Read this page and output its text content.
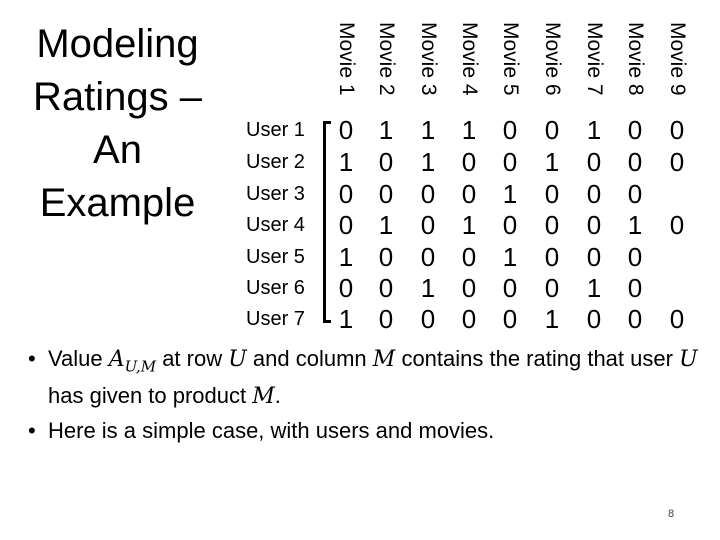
Modeling
Ratings –
An
Example
Movie 1 Movie 2 Movie 3 Movie 4 Movie 5 Movie 6 Movie 7 Movie 8 Movie 9
User 1
User 2
User 3
User 4
User 5
User 6
User 7
0 1 1 1 0 0 1 0 0
1 0 1 0 0 1 0 0 0
0 0 0 0 1 0 0 0
0 1 0 1 0 0 0 1 0
1 0 0 0 1 0 0 0
0 0 1 0 0 0 1 0
1 0 0 0 0 1 0 0 0
• Value $A_{U,M}$ at row U and column M contains the rating that user U
has given to product M.
• Here is a simple case, with users and movies.
8
